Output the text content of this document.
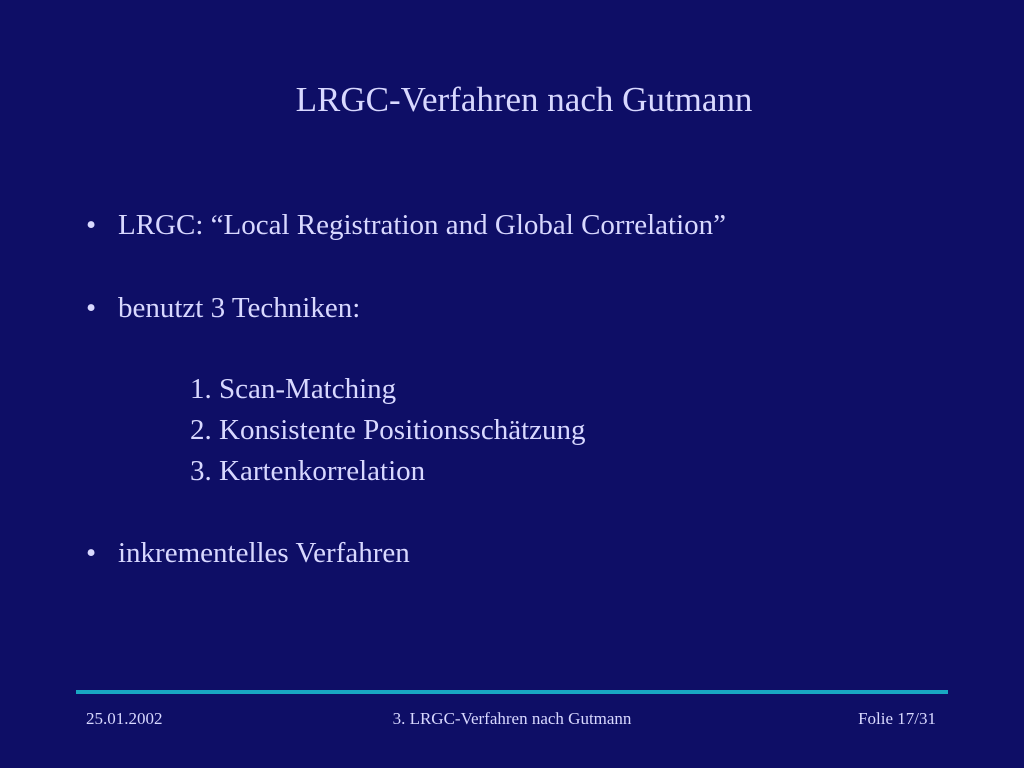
LRGC-Verfahren nach Gutmann
• LRGC: “Local Registration and Global Correlation”
• benutzt 3 Techniken:
1. Scan-Matching
2. Konsistente Positionsschätzung
3. Kartenkorrelation
• inkrementelles Verfahren
25.01.2002	3. LRGC-Verfahren nach Gutmann	Folie 17/31
